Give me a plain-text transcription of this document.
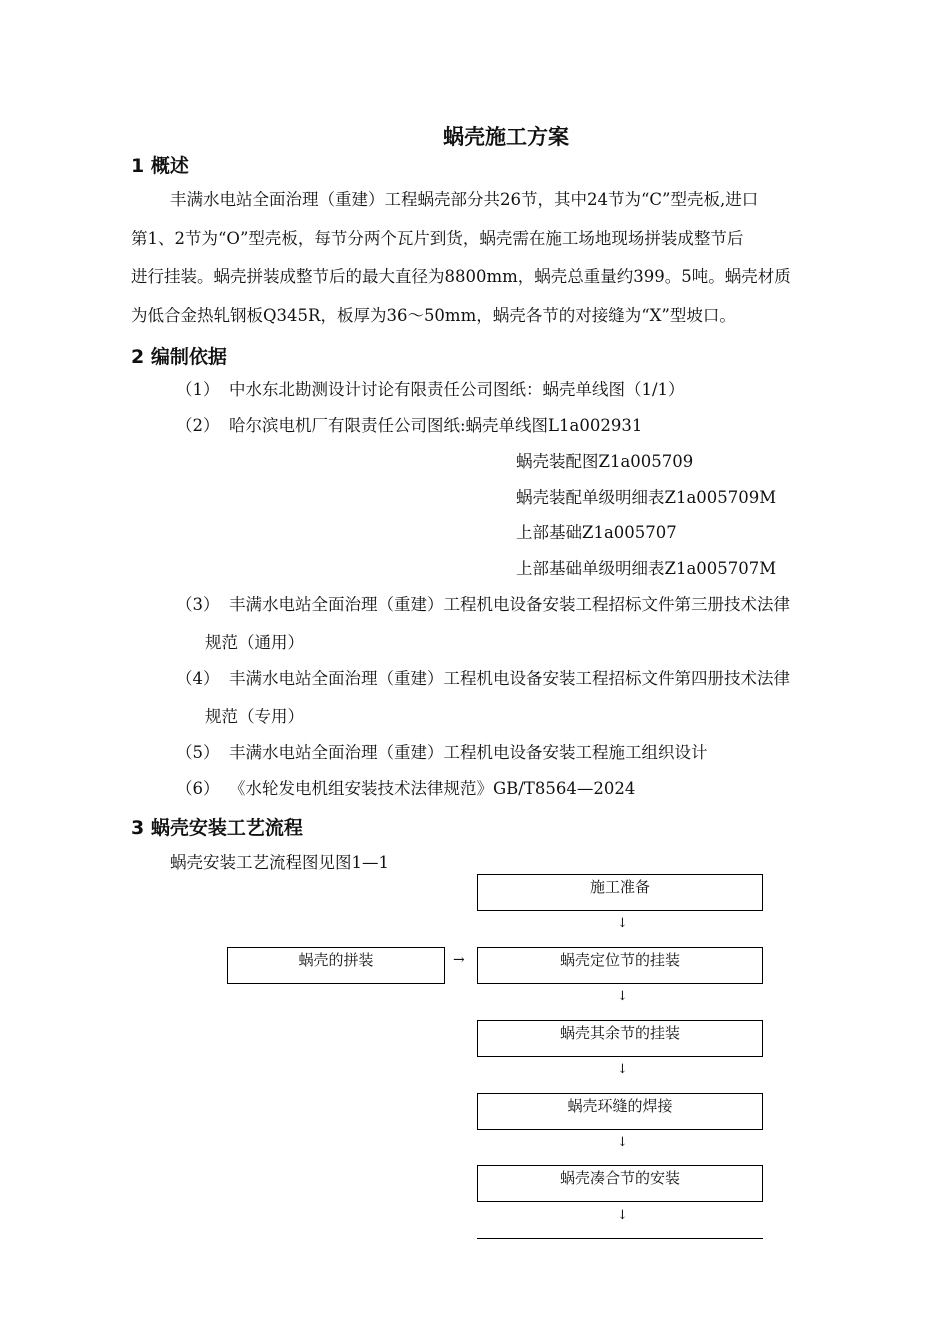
蜗壳施工方案
1 概述
丰满水电站全面治理（重建）工程蜗壳部分共26节，其中24节为“C”型壳板,进口
第1、2节为“O”型壳板，每节分两个瓦片到货，蜗壳需在施工场地现场拼装成整节后
进行挂装。蜗壳拼装成整节后的最大直径为8800mm，蜗壳总重量约399。5吨。蜗壳材质
为低合金热轧钢板Q345R，板厚为36～50mm，蜗壳各节的对接缝为“X”型坡口。
2 编制依据
（1） 中水东北勘测设计讨论有限责任公司图纸：蜗壳单线图（1/1）
（2） 哈尔滨电机厂有限责任公司图纸:蜗壳单线图L1a002931
蜗壳装配图Z1a005709
蜗壳装配单级明细表Z1a005709M
上部基础Z1a005707
上部基础单级明细表Z1a005707M
（3） 丰满水电站全面治理（重建）工程机电设备安装工程招标文件第三册技术法律
规范（通用）
（4） 丰满水电站全面治理（重建）工程机电设备安装工程招标文件第四册技术法律
规范（专用）
（5） 丰满水电站全面治理（重建）工程机电设备安装工程施工组织设计
（6） 《水轮发电机组安装技术法律规范》GB/T8564—2024
3 蜗壳安装工艺流程
蜗壳安装工艺流程图见图1—1
施工准备
↓
蜗壳的拼装	→	蜗壳定位节的挂装
↓
蜗壳其余节的挂装
↓
蜗壳环缝的焊接
↓
蜗壳凑合节的安装
↓
